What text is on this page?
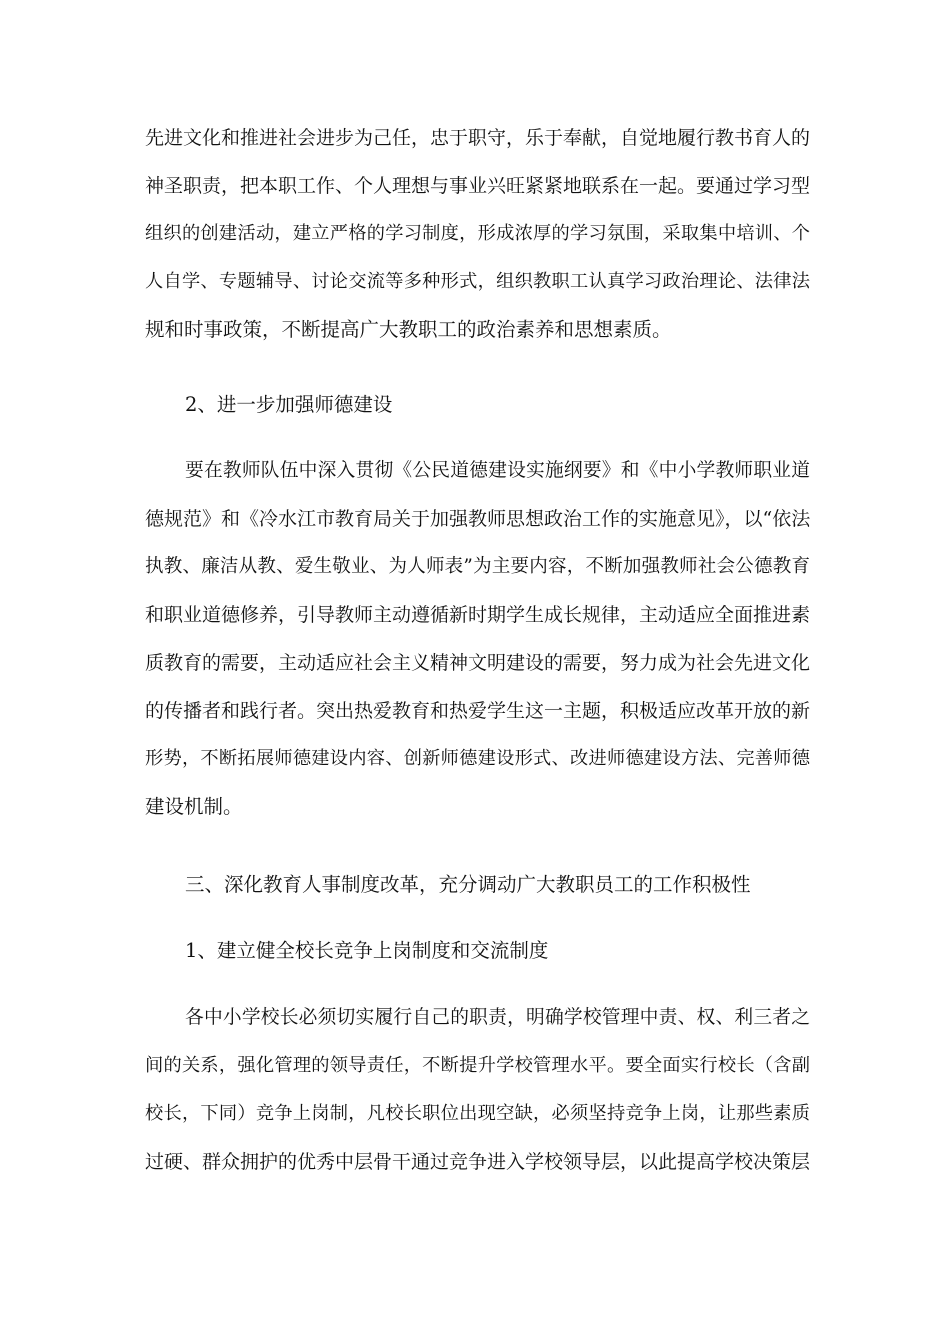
先进文化和推进社会进步为己任，忠于职守，乐于奉献，自觉地履行教书育人的
神圣职责，把本职工作、个人理想与事业兴旺紧紧地联系在一起。要通过学习型
组织的创建活动，建立严格的学习制度，形成浓厚的学习氛围，采取集中培训、个
人自学、专题辅导、讨论交流等多种形式，组织教职工认真学习政治理论、法律法
规和时事政策，不断提高广大教职工的政治素养和思想素质。
2、进一步加强师德建设
要在教师队伍中深入贯彻《公民道德建设实施纲要》和《中小学教师职业道
德规范》和《冷水江市教育局关于加强教师思想政治工作的实施意见》，以“依法
执教、廉洁从教、爱生敬业、为人师表”为主要内容，不断加强教师社会公德教育
和职业道德修养，引导教师主动遵循新时期学生成长规律，主动适应全面推进素
质教育的需要，主动适应社会主义精神文明建设的需要，努力成为社会先进文化
的传播者和践行者。突出热爱教育和热爱学生这一主题，积极适应改革开放的新
形势，不断拓展师德建设内容、创新师德建设形式、改进师德建设方法、完善师德
建设机制。
三、深化教育人事制度改革，充分调动广大教职员工的工作积极性
1、建立健全校长竞争上岗制度和交流制度
各中小学校长必须切实履行自己的职责，明确学校管理中责、权、利三者之
间的关系，强化管理的领导责任，不断提升学校管理水平。要全面实行校长（含副
校长，下同）竞争上岗制，凡校长职位出现空缺，必须坚持竞争上岗，让那些素质
过硬、群众拥护的优秀中层骨干通过竞争进入学校领导层，以此提高学校决策层
